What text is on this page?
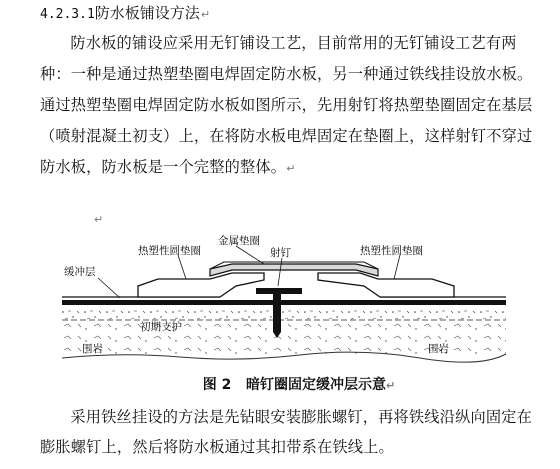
4.2.3.1防水板铺设方法↵
防水板的铺设应采用无钉铺设工艺，目前常用的无钉铺设工艺有两种：一种是通过热塑垫圈电焊固定防水板，另一种通过铁线挂设放水板。通过热塑垫圈电焊固定防水板如图所示，先用射钉将热塑垫圈固定在基层（喷射混凝土初支）上，在将防水板电焊固定在垫圈上，这样射钉不穿过防水板，防水板是一个完整的整体。↵
↵
金属垫圈
热塑性圆垫圈	热塑性圆垫圈
射钉
缓冲层
初期支护
围岩	围岩
图 2 暗钉圈固定缓冲层示意↵
采用铁丝挂设的方法是先钻眼安装膨胀螺钉，再将铁线沿纵向固定在膨胀螺钉上，然后将防水板通过其扣带系在铁线上。
